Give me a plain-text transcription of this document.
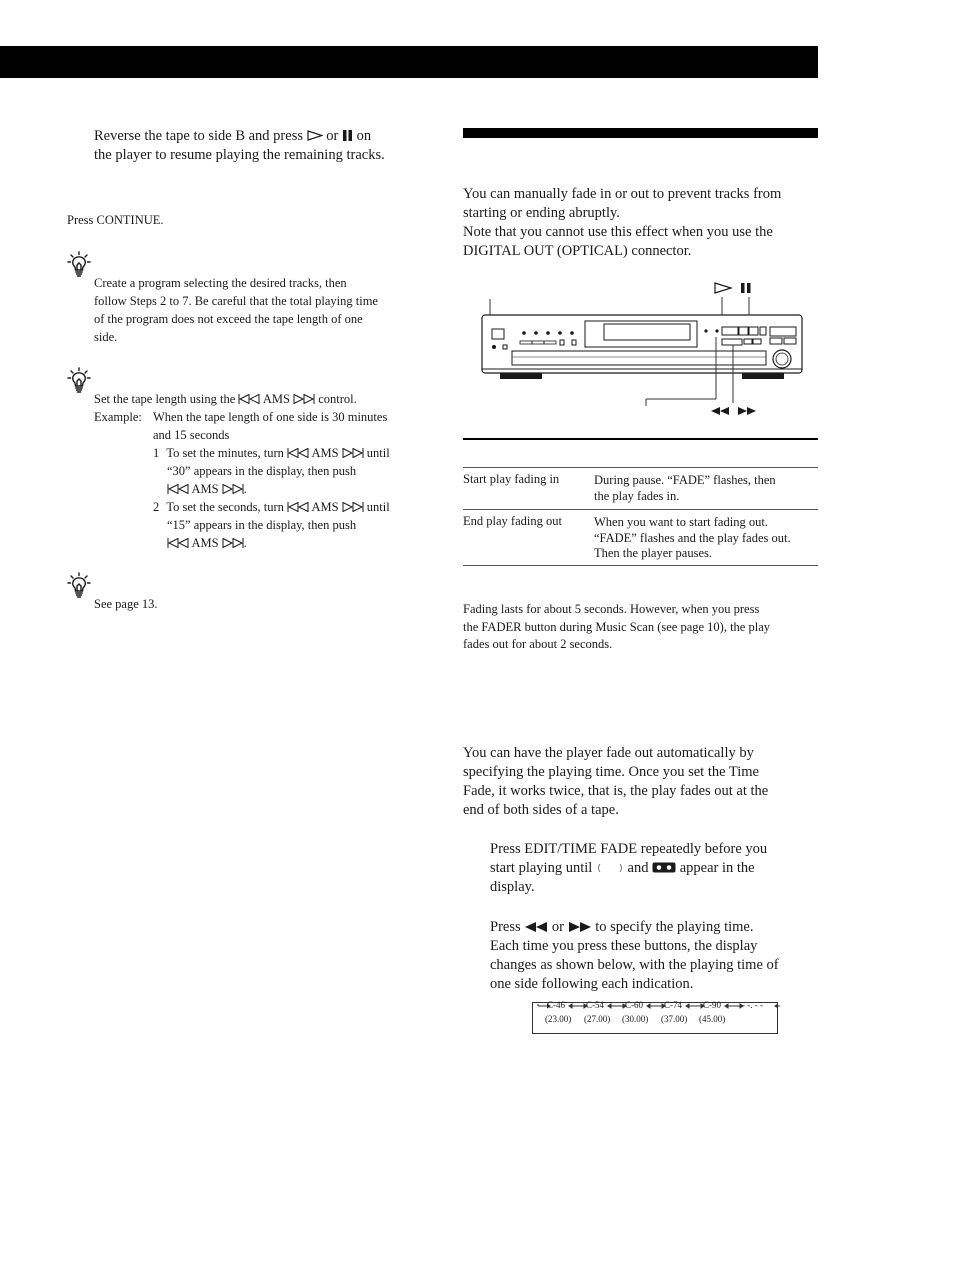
Reverse the tape to side B and press or on
the player to resume playing the remaining tracks.
Press CONTINUE.
Create a program selecting the desired tracks, then
follow Steps 2 to 7. Be careful that the total playing time
of the program does not exceed the tape length of one
side.
Set the tape length using the AMS control.
Example: When the tape length of one side is 30 minutes
and 15 seconds
1 To set the minutes, turn AMS until
“30” appears in the display, then push
AMS .
2 To set the seconds, turn AMS until
“15” appears in the display, then push
AMS .
See page 13.
You can manually fade in or out to prevent tracks from
starting or ending abruptly.
Note that you cannot use this effect when you use the
DIGITAL OUT (OPTICAL) connector.
Start play fading in	During pause. “FADE” flashes, then
the play fades in.
End play fading out	When you want to start fading out.
“FADE” flashes and the play fades out.
Then the player pauses.
Fading lasts for about 5 seconds. However, when you press
the FADER button during Music Scan (see page 10), the play
fades out for about 2 seconds.
You can have the player fade out automatically by
specifying the playing time. Once you set the Time
Fade, it works twice, that is, the play fades out at the
end of both sides of a tape.
Press EDIT/TIME FADE repeatedly before you
start playing until and appear in the
display.
Press or to specify the playing time.
Each time you press these buttons, the display
changes as shown below, with the playing time of
one side following each indication.
C-46 C-54 C-60 C-74 C-90 - -. - -
(23.00) (27.00) (30.00) (37.00) (45.00)
